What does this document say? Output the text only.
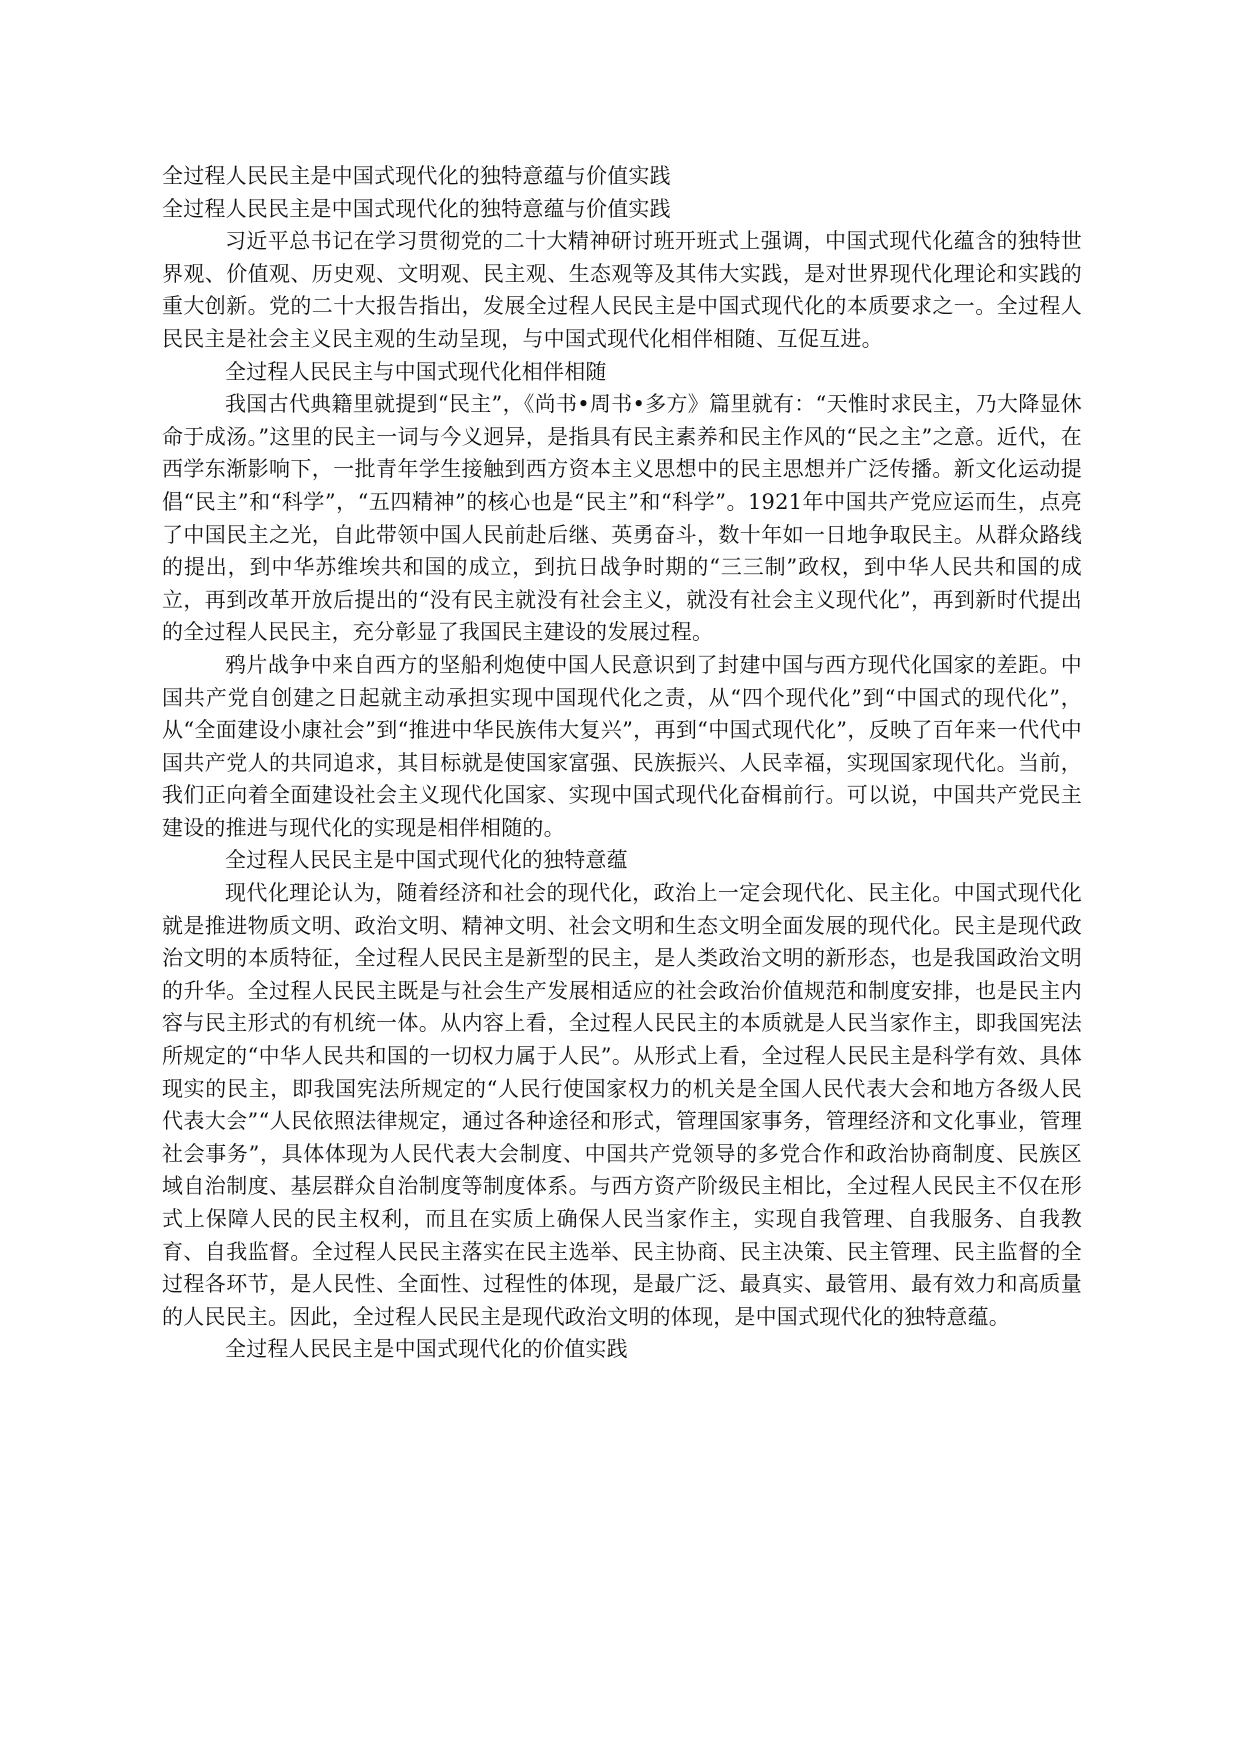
全过程人民民主是中国式现代化的独特意蕴与价值实践

全过程人民民主是中国式现代化的独特意蕴与价值实践

习近平总书记在学习贯彻党的二十大精神研讨班开班式上强调，中国式现代化蕴含的独特世界观、价值观、历史观、文明观、民主观、生态观等及其伟大实践，是对世界现代化理论和实践的重大创新。党的二十大报告指出，发展全过程人民民主是中国式现代化的本质要求之一。全过程人民民主是社会主义民主观的生动呈现，与中国式现代化相伴相随、互促互进。

全过程人民民主与中国式现代化相伴相随

我国古代典籍里就提到“民主”，《尚书•周书•多方》篇里就有：“天惟时求民主，乃大降显休命于成汤。”这里的民主一词与今义迥异，是指具有民主素养和民主作风的“民之主”之意。近代，在西学东渐影响下，一批青年学生接触到西方资本主义思想中的民主思想并广泛传播。新文化运动提倡“民主”和“科学”，“五四精神”的核心也是“民主”和“科学”。1921年中国共产党应运而生，点亮了中国民主之光，自此带领中国人民前赴后继、英勇奋斗，数十年如一日地争取民主。从群众路线的提出，到中华苏维埃共和国的成立，到抗日战争时期的“三三制”政权，到中华人民共和国的成立，再到改革开放后提出的“没有民主就没有社会主义，就没有社会主义现代化”，再到新时代提出的全过程人民民主，充分彰显了我国民主建设的发展过程。

鸦片战争中来自西方的坚船利炮使中国人民意识到了封建中国与西方现代化国家的差距。中国共产党自创建之日起就主动承担实现中国现代化之责，从“四个现代化”到“中国式的现代化”，从“全面建设小康社会”到“推进中华民族伟大复兴”，再到“中国式现代化”，反映了百年来一代代中国共产党人的共同追求，其目标就是使国家富强、民族振兴、人民幸福，实现国家现代化。当前，我们正向着全面建设社会主义现代化国家、实现中国式现代化奋楫前行。可以说，中国共产党民主建设的推进与现代化的实现是相伴相随的。

全过程人民民主是中国式现代化的独特意蕴

现代化理论认为，随着经济和社会的现代化，政治上一定会现代化、民主化。中国式现代化就是推进物质文明、政治文明、精神文明、社会文明和生态文明全面发展的现代化。民主是现代政治文明的本质特征，全过程人民民主是新型的民主，是人类政治文明的新形态，也是我国政治文明的升华。全过程人民民主既是与社会生产发展相适应的社会政治价值规范和制度安排，也是民主内容与民主形式的有机统一体。从内容上看，全过程人民民主的本质就是人民当家作主，即我国宪法所规定的“中华人民共和国的一切权力属于人民”。从形式上看，全过程人民民主是科学有效、具体现实的民主，即我国宪法所规定的“人民行使国家权力的机关是全国人民代表大会和地方各级人民代表大会”“人民依照法律规定，通过各种途径和形式，管理国家事务，管理经济和文化事业，管理社会事务”，具体体现为人民代表大会制度、中国共产党领导的多党合作和政治协商制度、民族区域自治制度、基层群众自治制度等制度体系。与西方资产阶级民主相比，全过程人民民主不仅在形式上保障人民的民主权利，而且在实质上确保人民当家作主，实现自我管理、自我服务、自我教育、自我监督。全过程人民民主落实在民主选举、民主协商、民主决策、民主管理、民主监督的全过程各环节，是人民性、全面性、过程性的体现，是最广泛、最真实、最管用、最有效力和高质量的人民民主。因此，全过程人民民主是现代政治文明的体现，是中国式现代化的独特意蕴。

全过程人民民主是中国式现代化的价值实践
